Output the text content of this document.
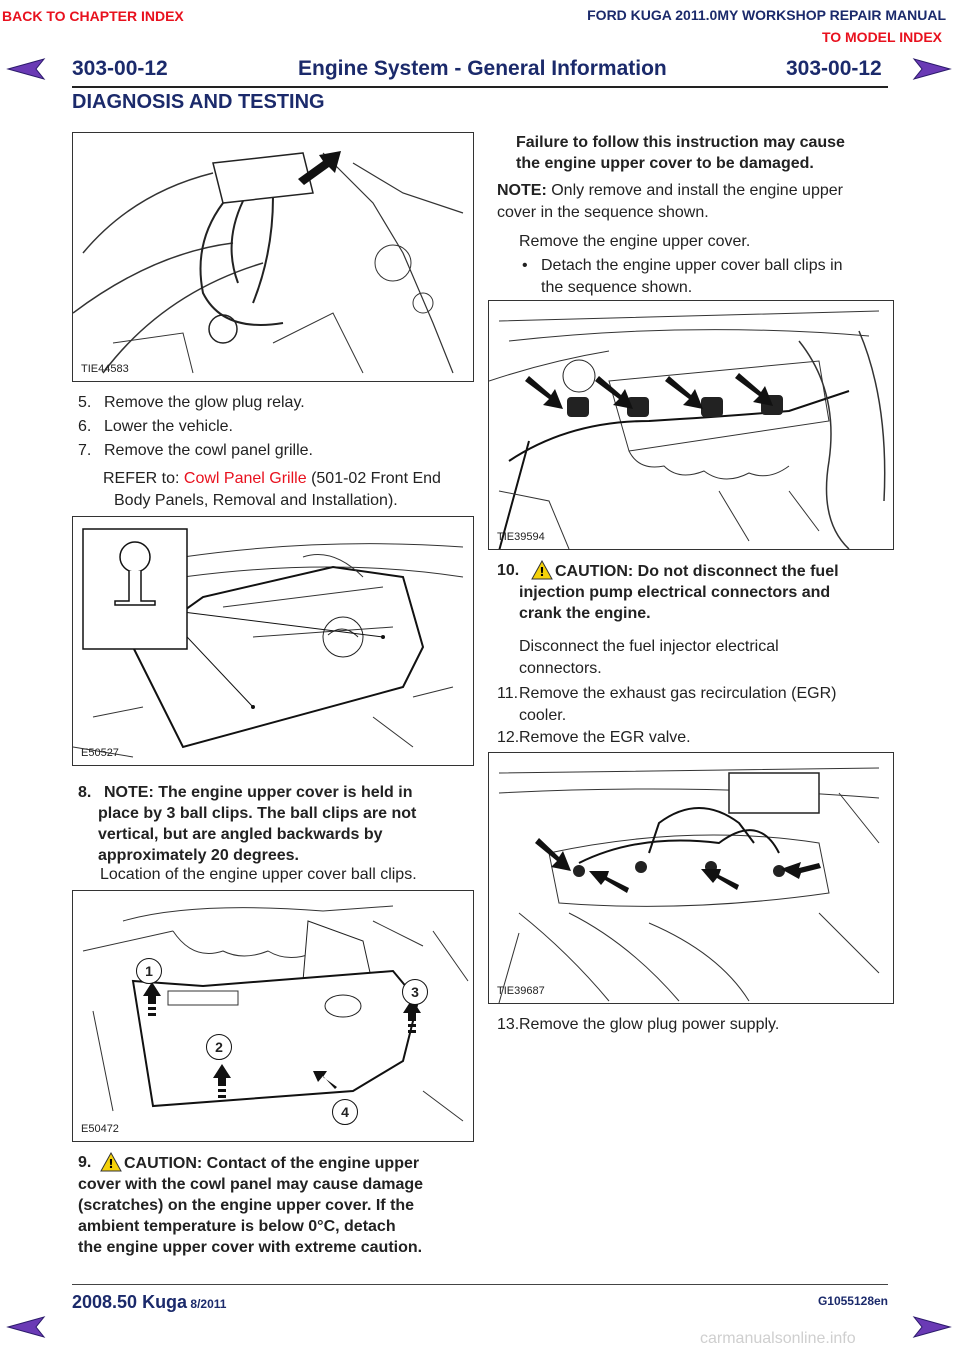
BACK TO CHAPTER INDEX	FORD KUGA 2011.0MY WORKSHOP REPAIR MANUAL
TO MODEL INDEX
303-00-12	Engine System - General Information	303-00-12
DIAGNOSIS AND TESTING
TIE44583
5. Remove the glow plug relay.
6. Lower the vehicle.
7. Remove the cowl panel grille.
REFER to: Cowl Panel Grille (501-02 Front End
Body Panels, Removal and Installation).
E50527
8. NOTE: The engine upper cover is held in
place by 3 ball clips. The ball clips are not
vertical, but are angled backwards by
approximately 20 degrees.
Location of the engine upper cover ball clips.
1
2
3
4
E50472
9. ! CAUTION: Contact of the engine upper
cover with the cowl panel may cause damage
(scratches) on the engine upper cover. If the
ambient temperature is below 0°C, detach
the engine upper cover with extreme caution.
Failure to follow this instruction may cause
the engine upper cover to be damaged.
NOTE: Only remove and install the engine upper
cover in the sequence shown.
Remove the engine upper cover.
• Detach the engine upper cover ball clips in
the sequence shown.
TIE39594
10. ! CAUTION: Do not disconnect the fuel
injection pump electrical connectors and
crank the engine.
Disconnect the fuel injector electrical
connectors.
11.Remove the exhaust gas recirculation (EGR)
cooler.
12.Remove the EGR valve.
TIE39687
13.Remove the glow plug power supply.
2008.50 Kuga 8/2011	G1055128en
carmanualsonline.info
